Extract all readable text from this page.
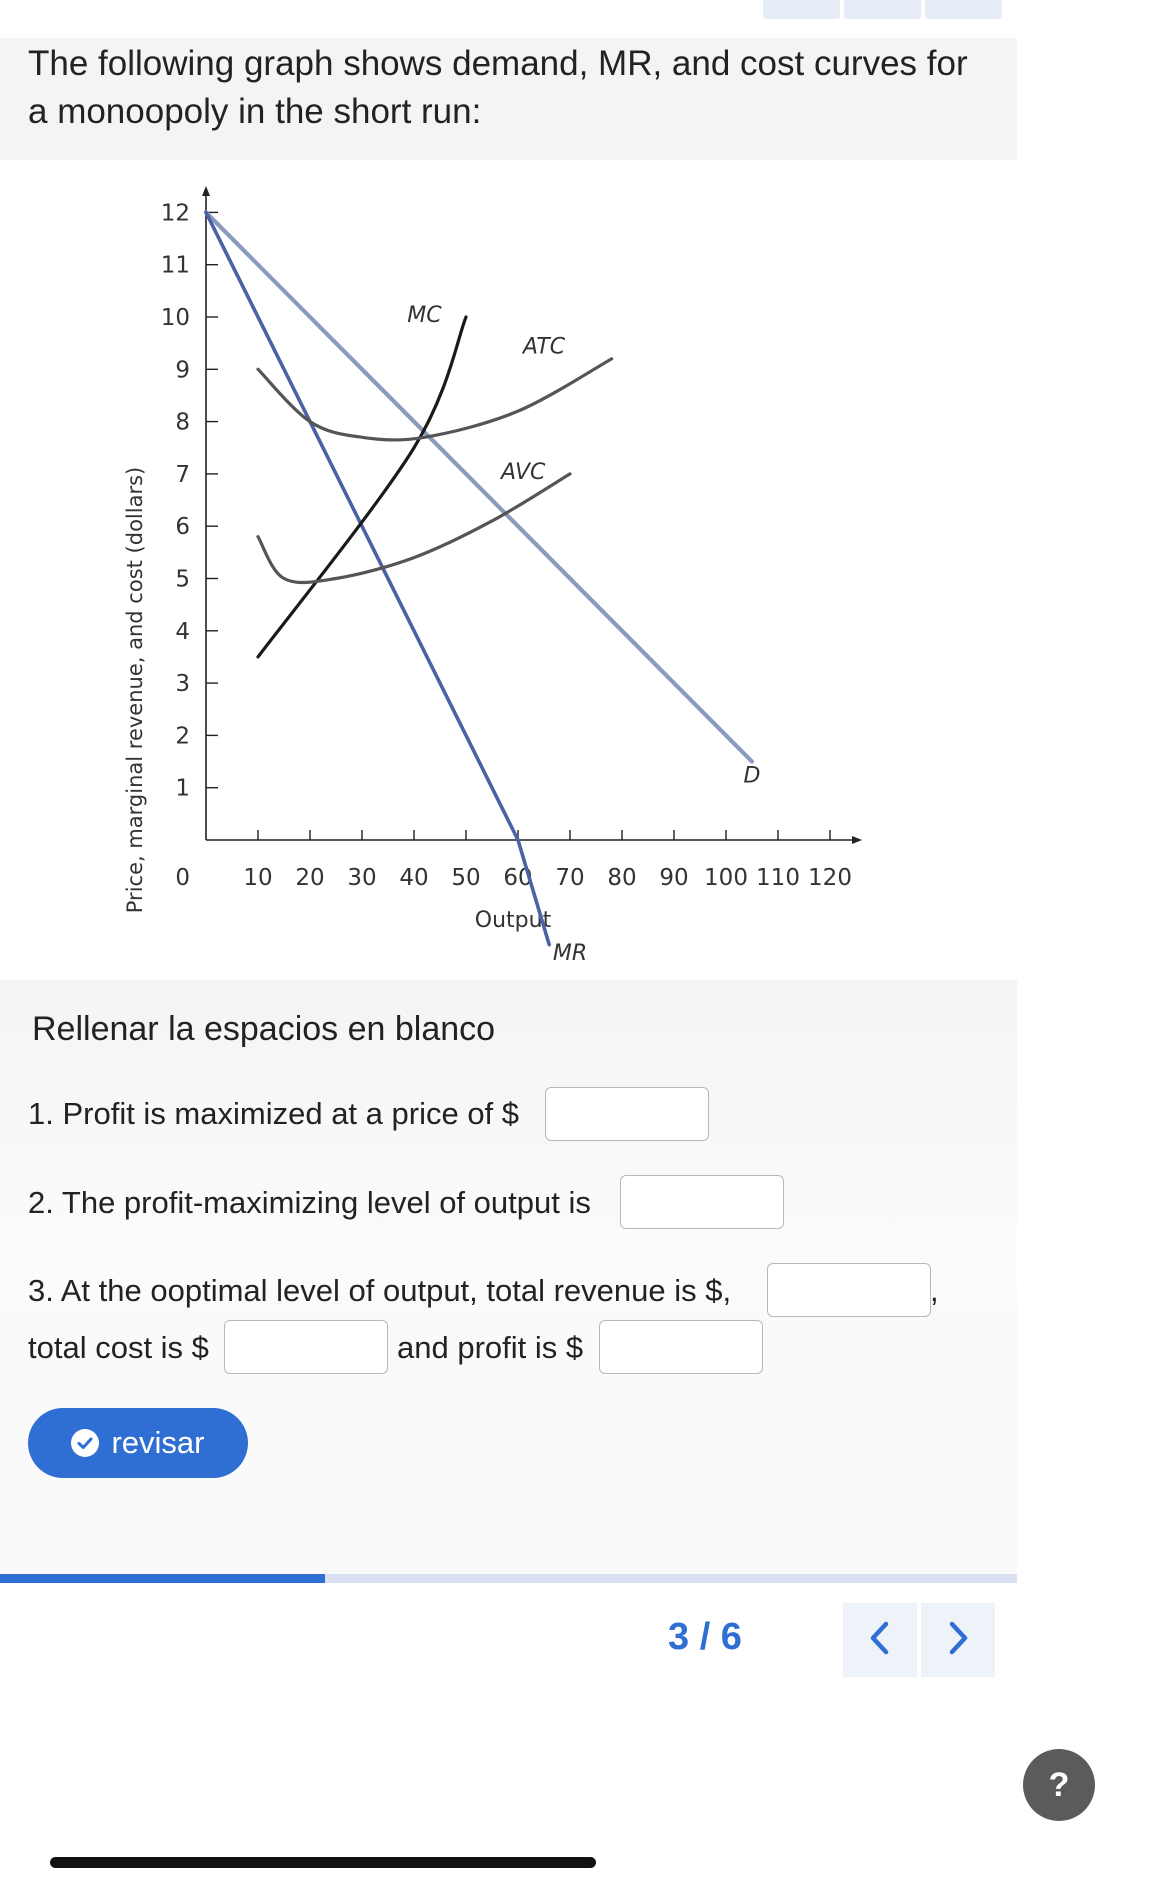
The following graph shows demand, MR, and cost curves for a monoopoly in the short run:
Price, marginal revenue, and cost (dollars) 1
2
3
4
5
6
7
8
9
10
11
12
0 10 20 30 40 50 60 70 80 90 100 110 120
Output
MC
ATC
AVC
D
MR
Rellenar la espacios en blanco
1. Profit is maximized at a price of $
2. The profit-maximizing level of output is
3. At the ooptimal level of output, total revenue is $,	,
total cost is $	and profit is $
revisar
3 / 6
?
